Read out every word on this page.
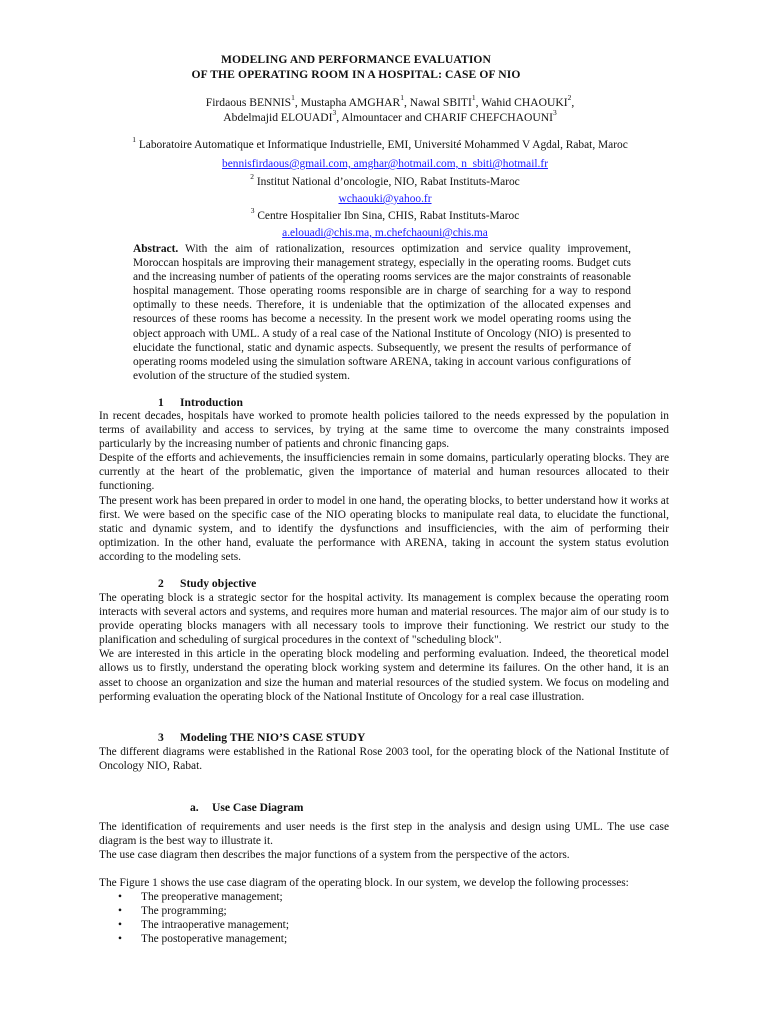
MODELING AND PERFORMANCE EVALUATION
OF THE OPERATING ROOM IN A HOSPITAL: CASE OF NIO
Firdaous BENNIS$^1$, Mustapha AMGHAR$^1$, Nawal SBITI$^1$, Wahid CHAOUKI$^2$,
Abdelmajid ELOUADI$^3$, Almountacer and CHARIF CHEFCHAOUNI$^3$
$^1$ Laboratoire Automatique et Informatique Industrielle, EMI, Université Mohammed V Agdal, Rabat, Maroc
bennisfirdaous@gmail.com, amghar@hotmail.com, n_sbiti@hotmail.fr
$^2$ Institut National d’oncologie, NIO, Rabat Instituts-Maroc
wchaouki@yahoo.fr
$^3$ Centre Hospitalier Ibn Sina, CHIS, Rabat Instituts-Maroc
a.elouadi@chis.ma, m.chefchaouni@chis.ma
Abstract. With the aim of rationalization, resources optimization and service quality improvement, Moroccan hospitals are improving their management strategy, especially in the operating rooms. Budget cuts and the increasing number of patients of the operating rooms services are the major constraints of reasonable hospital management. Those operating rooms responsible are in charge of searching for a way to respond optimally to these needs. Therefore, it is undeniable that the optimization of the allocated expenses and resources of these rooms has become a necessity. In the present work we model operating rooms using the object approach with UML. A study of a real case of the National Institute of Oncology (NIO) is presented to elucidate the functional, static and dynamic aspects. Subsequently, we present the results of performance of operating rooms modeled using the simulation software ARENA, taking in account various configurations of evolution of the structure of the studied system.
1 Introduction

In recent decades, hospitals have worked to promote health policies tailored to the needs expressed by the population in terms of availability and access to services, by trying at the same time to overcome the many constraints imposed particularly by the increasing number of patients and chronic financing gaps.

Despite of the efforts and achievements, the insufficiencies remain in some domains, particularly operating blocks. They are currently at the heart of the problematic, given the importance of material and human resources allocated to their functioning.

The present work has been prepared in order to model in one hand, the operating blocks, to better understand how it works at first. We were based on the specific case of the NIO operating blocks to manipulate real data, to elucidate the functional, static and dynamic system, and to identify the dysfunctions and insufficiencies, with the aim of performing their optimization. In the other hand, evaluate the performance with ARENA, taking in account the system status evolution according to the modeling sets.

2 Study objective

The operating block is a strategic sector for the hospital activity. Its management is complex because the operating room interacts with several actors and systems, and requires more human and material resources. The major aim of our study is to provide operating blocks managers with all necessary tools to improve their functioning. We restrict our study to the planification and scheduling of surgical procedures in the context of "scheduling block".

We are interested in this article in the operating block modeling and performing evaluation. Indeed, the theoretical model allows us to firstly, understand the operating block working system and determine its failures. On the other hand, it is an asset to choose an organization and size the human and material resources of the studied system. We focus on modeling and performing evaluation the operating block of the National Institute of Oncology for a real case illustration.

3 Modeling THE NIO’S CASE STUDY

The different diagrams were established in the Rational Rose 2003 tool, for the operating block of the National Institute of Oncology NIO, Rabat.

a. Use Case Diagram

The identification of requirements and user needs is the first step in the analysis and design using UML. The use case diagram is the best way to illustrate it.

The use case diagram then describes the major functions of a system from the perspective of the actors.

The Figure 1 shows the use case diagram of the operating block. In our system, we develop the following processes:

• The preoperative management;
• The programming;
• The intraoperative management;
• The postoperative management;
